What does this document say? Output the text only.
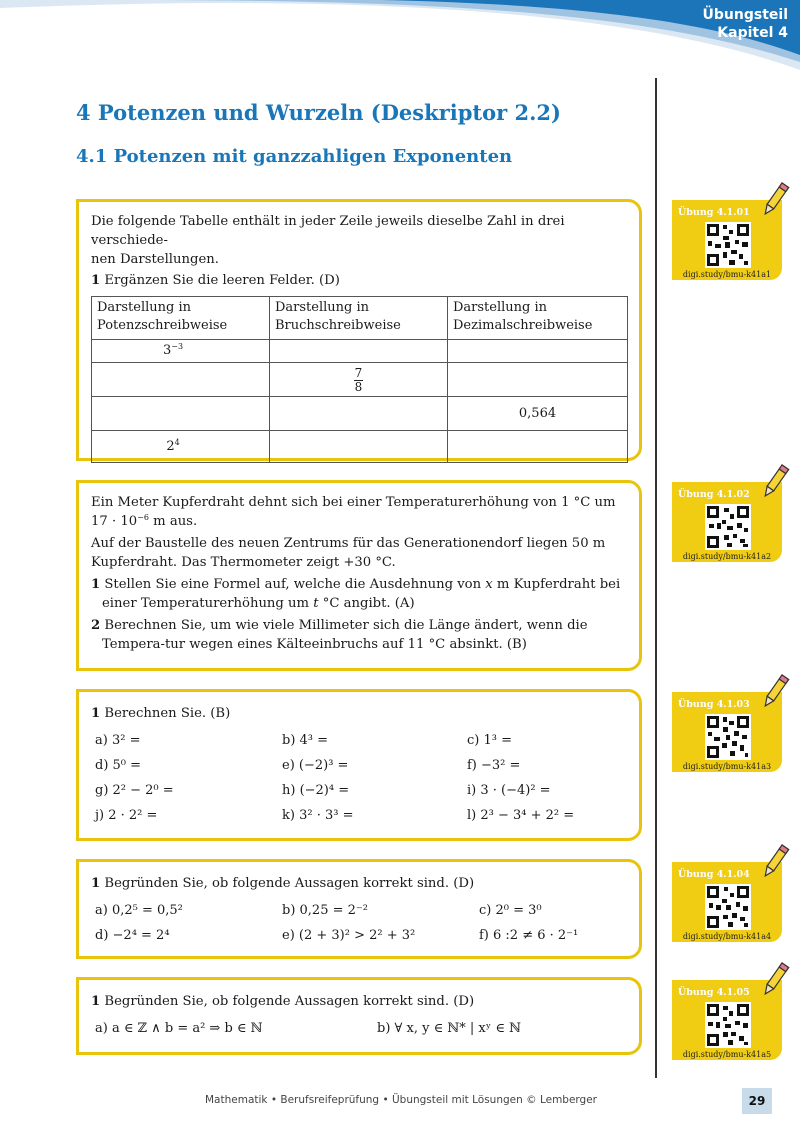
Übungsteil
Kapitel 4
4 Potenzen und Wurzeln (Deskriptor 2.2)
4.1 Potenzen mit ganzzahligen Exponenten

Die folgende Tabelle enthält in jeder Zeile jeweils dieselbe Zahl in drei verschiede-

nen Darstellungen.

1 Ergänzen Sie die leeren Felder. (D)

Darstellung in Potenzschreibweise	Darstellung in Bruchschreibweise	Darstellung in Dezimalschreibweise
$3^{-3}$		

	$\frac{7}{8}$

		0,564
$2^4$		

Ein Meter Kupferdraht dehnt sich bei einer Temperaturerhöhung von 1 °C um

$17 \cdot 10^{-6}$ m aus.

Auf der Baustelle des neuen Zentrums für das Generationendorf liegen 50 m

Kupferdraht. Das Thermometer zeigt +30 °C.

1 Stellen Sie eine Formel auf, welche die Ausdehnung von x m Kupferdraht bei einer Temperaturerhöhung um t °C angibt. (A)

2 Berechnen Sie, um wie viele Millimeter sich die Länge ändert, wenn die Tempera-tur wegen eines Kälteeinbruchs auf 11 °C absinkt. (B)

1 Berechnen Sie. (B)

a) 3² =	b) 4³ =	c) 1³ =
d) 5⁰ =	e) (−2)³ =	f) −3² =
g) 2² − 2⁰ =	h) (−2)⁴ =	i) 3 · (−4)² =
j) 2 · 2² =	k) 3² · 3³ =	l) 2³ − 3⁴ + 2² =

1 Begründen Sie, ob folgende Aussagen korrekt sind. (D)

a) 0,2⁵ = 0,5²	b) 0,25 = 2⁻²	c) 2⁰ = 3⁰
d) −2⁴ = 2⁴	e) (2 + 3)² > 2² + 3²	f) 6 :2 ≠ 6 · 2⁻¹

1 Begründen Sie, ob folgende Aussagen korrekt sind. (D)

a) a ∈ ℤ ∧ b = a² ⇒ b ∈ ℕ	b) ∀ x, y ∈ ℕ* | xʸ ∈ ℕ
Übung 4.1.01
digi.study/bmu-k41a1
Übung 4.1.02
digi.study/bmu-k41a2
Übung 4.1.03
digi.study/bmu-k41a3
Übung 4.1.04
digi.study/bmu-k41a4
Übung 4.1.05
digi.study/bmu-k41a5
Mathematik • Berufsreifeprüfung • Übungsteil mit Lösungen © Lemberger	29
